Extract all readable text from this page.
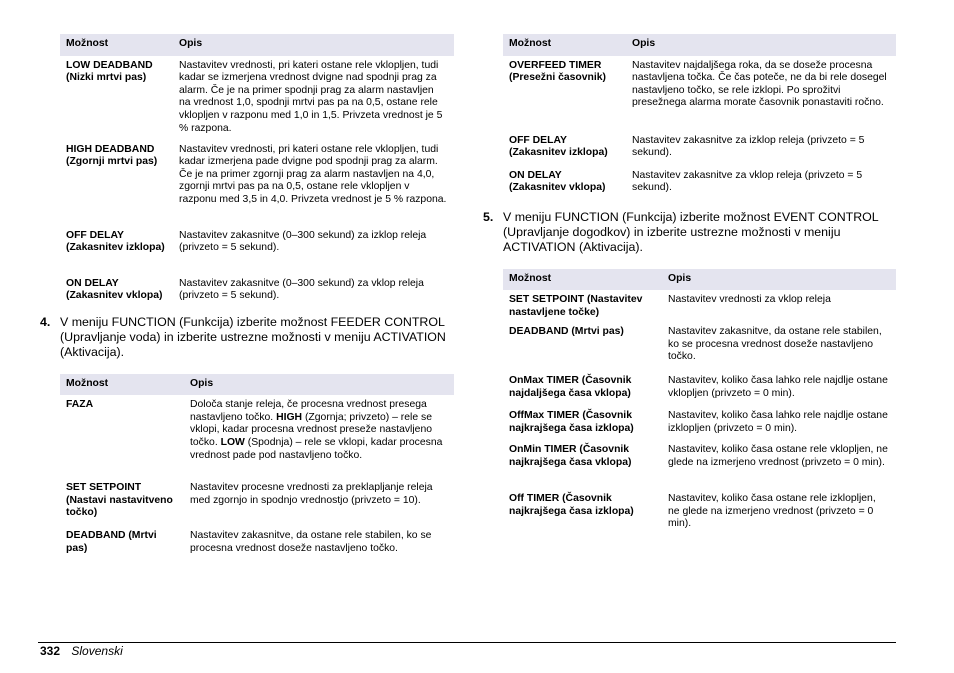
Možnost	Opis
LOW DEADBAND (Nizki mrtvi pas)	Nastavitev vrednosti, pri kateri ostane rele vklopljen, tudi kadar se izmerjena vrednost dvigne nad spodnji prag za alarm. Če je na primer spodnji prag za alarm nastavljen na vrednost 1,0, spodnji mrtvi pas pa na 0,5, ostane rele vklopljen v razponu med 1,0 in 1,5. Privzeta vrednost je 5 % razpona.
HIGH DEADBAND (Zgornji mrtvi pas)	Nastavitev vrednosti, pri kateri ostane rele vklopljen, tudi kadar izmerjena pade dvigne pod spodnji prag za alarm. Če je na primer zgornji prag za alarm nastavljen na 4,0, zgornji mrtvi pas pa na 0,5, ostane rele vklopljen v razponu med 3,5 in 4,0. Privzeta vrednost je 5 % razpona.
OFF DELAY (Zakasnitev izklopa)	Nastavitev zakasnitve (0–300 sekund) za izklop releja (privzeto = 5 sekund).
ON DELAY (Zakasnitev vklopa)	Nastavitev zakasnitve (0–300 sekund) za vklop releja (privzeto = 5 sekund).
4. V meniju FUNCTION (Funkcija) izberite možnost FEEDER CONTROL (Upravljanje voda) in izberite ustrezne možnosti v meniju ACTIVATION (Aktivacija).
Možnost	Opis
FAZA	Določa stanje releja, če procesna vrednost presega nastavljeno točko. HIGH (Zgornja; privzeto) – rele se vklopi, kadar procesna vrednost preseže nastavljeno točko. LOW (Spodnja) – rele se vklopi, kadar procesna vrednost pade pod nastavljeno točko.
SET SETPOINT (Nastavi nastavitveno točko)	Nastavitev procesne vrednosti za preklapljanje releja med zgornjo in spodnjo vrednostjo (privzeto = 10).
DEADBAND (Mrtvi pas)	Nastavitev zakasnitve, da ostane rele stabilen, ko se procesna vrednost doseže nastavljeno točko.
Možnost	Opis
OVERFEED TIMER (Presežni časovnik)	Nastavitev najdaljšega roka, da se doseže procesna nastavljena točka. Če čas poteče, ne da bi rele dosegel nastavljeno točko, se rele izklopi. Po sprožitvi presežnega alarma morate časovnik ponastaviti ročno.
OFF DELAY (Zakasnitev izklopa)	Nastavitev zakasnitve za izklop releja (privzeto = 5 sekund).
ON DELAY (Zakasnitev vklopa)	Nastavitev zakasnitve za vklop releja (privzeto = 5 sekund).
5. V meniju FUNCTION (Funkcija) izberite možnost EVENT CONTROL (Upravljanje dogodkov) in izberite ustrezne možnosti v meniju ACTIVATION (Aktivacija).
Možnost	Opis
SET SETPOINT (Nastavitev nastavljene točke)	Nastavitev vrednosti za vklop releja
DEADBAND (Mrtvi pas)	Nastavitev zakasnitve, da ostane rele stabilen, ko se procesna vrednost doseže nastavljeno točko.
OnMax TIMER (Časovnik najdaljšega časa vklopa)	Nastavitev, koliko časa lahko rele najdlje ostane vklopljen (privzeto = 0 min).
OffMax TIMER (Časovnik najkrajšega časa izklopa)	Nastavitev, koliko časa lahko rele najdlje ostane izklopljen (privzeto = 0 min).
OnMin TIMER (Časovnik najkrajšega časa vklopa)	Nastavitev, koliko časa ostane rele vklopljen, ne glede na izmerjeno vrednost (privzeto = 0 min).
Off TIMER (Časovnik najkrajšega časa izklopa)	Nastavitev, koliko časa ostane rele izklopljen, ne glede na izmerjeno vrednost (privzeto = 0 min).
332 Slovenski
